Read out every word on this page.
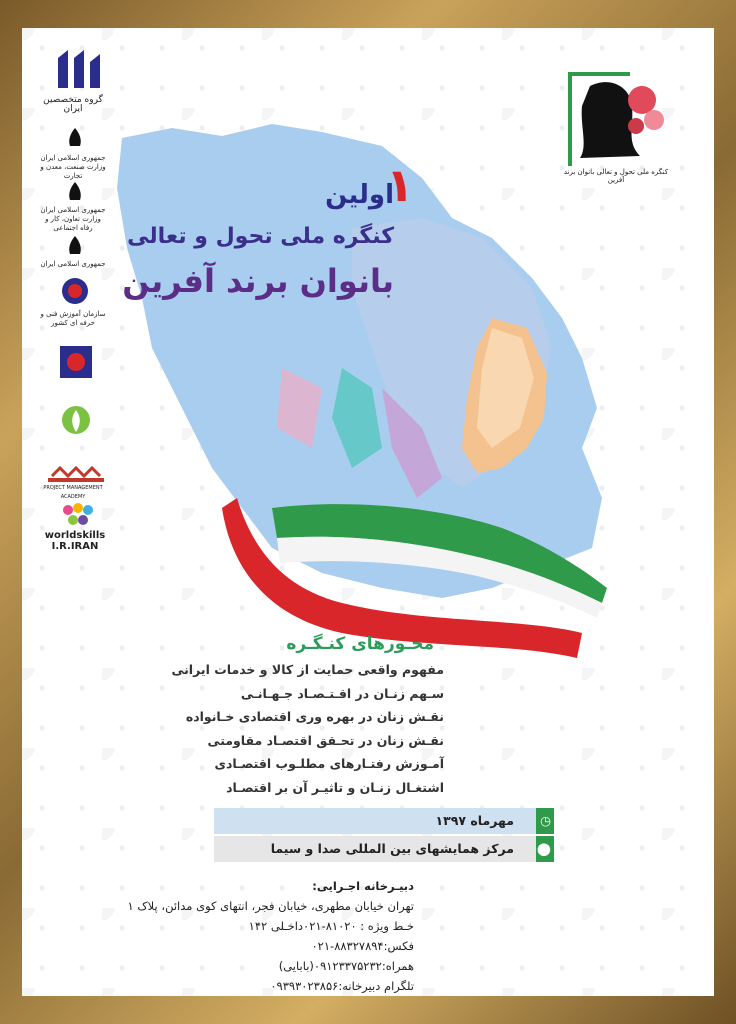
گروه متخصصین ایران
جمهوری اسلامی ایران وزارت صنعت، معدن و تجارت
جمهوری اسلامی ایران وزارت تعاون، کار و رفاه اجتماعی
جمهوری اسلامی ایران
سازمان آموزش فنی و حرفه ای کشور
PROJECT MANAGEMENT ACADEMY
worldskills I.R.IRAN
کنگره ملی تحول و تعالی بانوان برند آفرین
اولین
۱
کنگره ملی تحول و تعالی
بانوان برند آفرین
محـورهای کنـگـره
مفهوم واقعی حمایت از کالا و خدمات ایرانی
سـهم زنـان در اقـتـصـاد جـهـانـی
نقـش زنان در بهره وری اقتصادی خـانواده
نقـش زنان در تحـقق اقتصـاد مقاومتی
آمـوزش رفتـارهای مطلـوب اقتصـادی
اشتغـال زنـان و تاثیـر آن بر اقتصـاد
◷
مهرماه ۱۳۹۷
⬤
مرکز همایشهای بین المللی صدا و سیما
دبیـرخانه اجـرایی:
تهران خیابان مطهری، خیابان فجر، انتهای کوی مدائن، پلاک ۱
خـط ویژه : ۸۱۰۲۰-۰۲۱داخـلی ۱۴۲
فکس:۸۸۳۲۷۸۹۴-۰۲۱
همراه:۰۹۱۲۳۳۷۵۲۳۲(بابایی)
تلگرام دبیرخانه:۰۹۳۹۳۰۲۳۸۵۶
